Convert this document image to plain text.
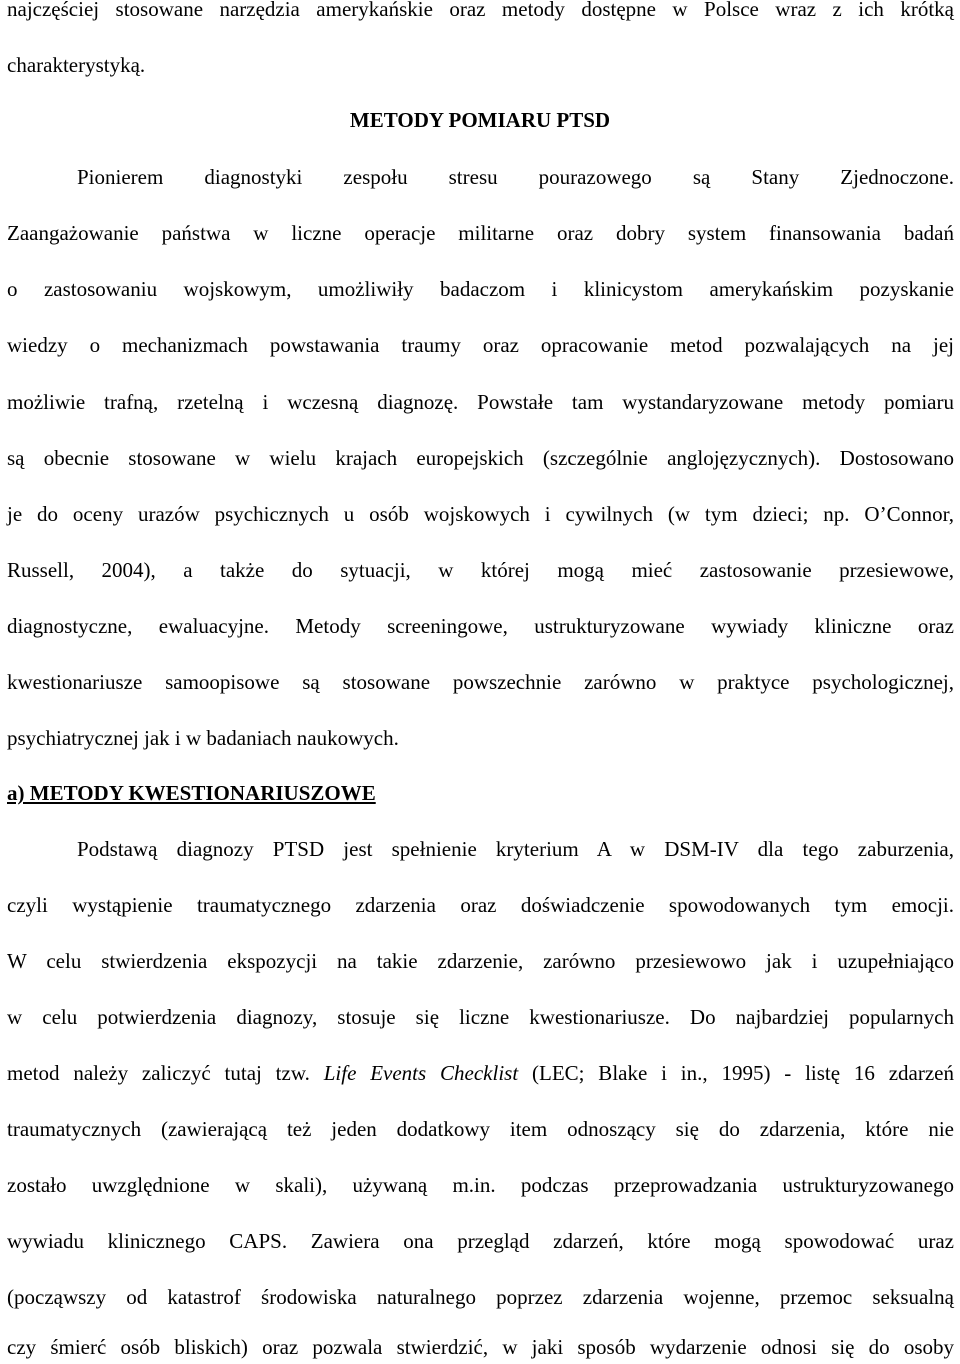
najczęściej stosowane narzędzia amerykańskie oraz metody dostępne w Polsce wraz z ich krótką
charakterystyką.
METODY POMIARU PTSD
Pionierem diagnostyki zespołu stresu pourazowego są Stany Zjednoczone.
Zaangażowanie państwa w liczne operacje militarne oraz dobry system finansowania badań
o zastosowaniu wojskowym, umożliwiły badaczom i klinicystom amerykańskim pozyskanie
wiedzy o mechanizmach powstawania traumy oraz opracowanie metod pozwalających na jej
możliwie trafną, rzetelną i wczesną diagnozę. Powstałe tam wystandaryzowane metody pomiaru
są obecnie stosowane w wielu krajach europejskich (szczególnie anglojęzycznych). Dostosowano
je do oceny urazów psychicznych u osób wojskowych i cywilnych (w tym dzieci; np. O’Connor,
Russell, 2004), a także do sytuacji, w której mogą mieć zastosowanie przesiewowe,
diagnostyczne, ewaluacyjne. Metody screeningowe, ustrukturyzowane wywiady kliniczne oraz
kwestionariusze samoopisowe są stosowane powszechnie zarówno w praktyce psychologicznej,
psychiatrycznej jak i w badaniach naukowych.
a) METODY KWESTIONARIUSZOWE
Podstawą diagnozy PTSD jest spełnienie kryterium A w DSM-IV dla tego zaburzenia,
czyli wystąpienie traumatycznego zdarzenia oraz doświadczenie spowodowanych tym emocji.
W celu stwierdzenia ekspozycji na takie zdarzenie, zarówno przesiewowo jak i uzupełniająco
w celu potwierdzenia diagnozy, stosuje się liczne kwestionariusze. Do najbardziej popularnych
metod należy zaliczyć tutaj tzw. Life Events Checklist (LEC; Blake i in., 1995) - listę 16 zdarzeń
traumatycznych (zawierającą też jeden dodatkowy item odnoszący się do zdarzenia, które nie
zostało uwzględnione w skali), używaną m.in. podczas przeprowadzania ustrukturyzowanego
wywiadu klinicznego CAPS. Zawiera ona przegląd zdarzeń, które mogą spowodować uraz
(począwszy od katastrof środowiska naturalnego poprzez zdarzenia wojenne, przemoc seksualną
czy śmierć osób bliskich) oraz pozwala stwierdzić, w jaki sposób wydarzenie odnosi się do osoby
